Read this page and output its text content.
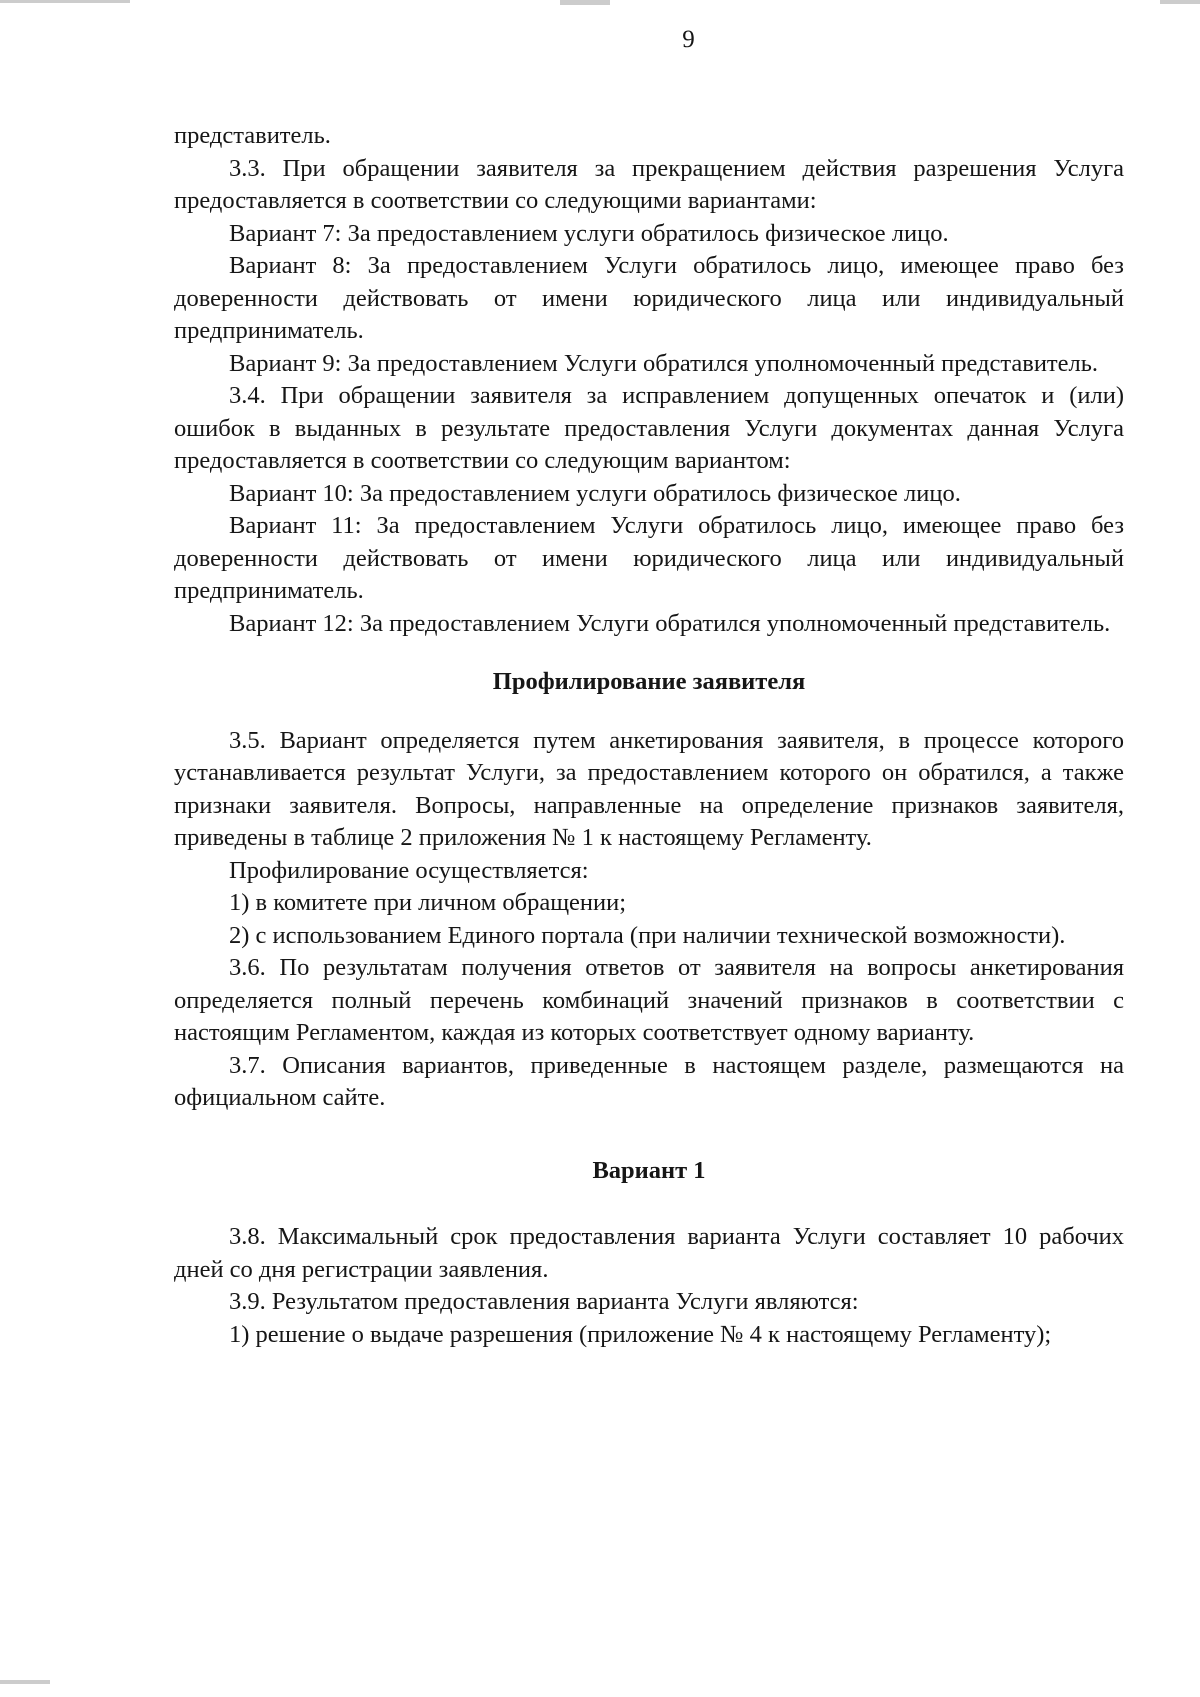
9

представитель.

3.3. При обращении заявителя за прекращением действия разрешения Услуга предоставляется в соответствии со следующими вариантами:

Вариант 7: За предоставлением услуги обратилось физическое лицо.

Вариант 8: За предоставлением Услуги обратилось лицо, имеющее право без доверенности действовать от имени юридического лица или индивидуальный предприниматель.

Вариант 9: За предоставлением Услуги обратился уполномоченный представитель.

3.4. При обращении заявителя за исправлением допущенных опечаток и (или) ошибок в выданных в результате предоставления Услуги документах данная Услуга предоставляется в соответствии со следующим вариантом:

Вариант 10: За предоставлением услуги обратилось физическое лицо.

Вариант 11: За предоставлением Услуги обратилось лицо, имеющее право без доверенности действовать от имени юридического лица или индивидуальный предприниматель.

Вариант 12: За предоставлением Услуги обратился уполномоченный представитель.

Профилирование заявителя

3.5. Вариант определяется путем анкетирования заявителя, в процессе которого устанавливается результат Услуги, за предоставлением которого он обратился, а также признаки заявителя. Вопросы, направленные на определение признаков заявителя, приведены в таблице 2 приложения № 1 к настоящему Регламенту.

Профилирование осуществляется:

1) в комитете при личном обращении;

2) с использованием Единого портала (при наличии технической возможности).

3.6. По результатам получения ответов от заявителя на вопросы анкетирования определяется полный перечень комбинаций значений признаков в соответствии с настоящим Регламентом, каждая из которых соответствует одному варианту.

3.7. Описания вариантов, приведенные в настоящем разделе, размещаются на официальном сайте.

Вариант 1

3.8. Максимальный срок предоставления варианта Услуги составляет 10 рабочих дней со дня регистрации заявления.

3.9. Результатом предоставления варианта Услуги являются:

1) решение о выдаче разрешения (приложение № 4 к настоящему Регламенту);
